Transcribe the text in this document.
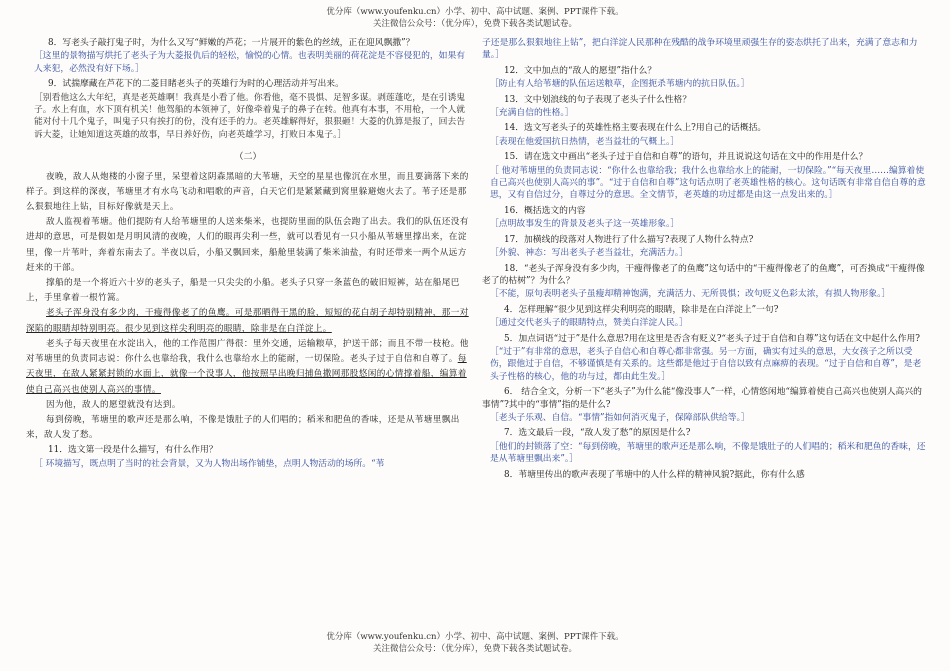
优分库（www.youfenku.cn）小学、初中、高中试题、案例、PPT课件下载。
关注微信公众号：（优分库），免费下载各类试题试卷。

8．写老头子敲打鬼子时，为什么又写“鲜嫩的芦花；一片展开的紫色的丝绒，正在迎风飘撒”？

［这里的景物描写烘托了老头子为大菱报仇后的轻松，愉悦的心情。也表明美丽的荷花淀是不容侵犯的，如果有人来犯，必然没有好下场。］

9．试揣摩藏在芦花下的二菱目睹老头子的英雄行为时的心理活动并写出来。

［别看他这么大年纪，真是老英雄啊！我真是小看了他。你看他，毫不畏惧、足智多谋。剥莲蓬吃，是在引诱鬼子。水上有血，水下顶有机关！他驾船的本领神了，好像牵着鬼子的鼻子在转。他真有本事，不用枪，一个人就能对付十几个鬼子，叫鬼子只有挨打的份，没有还手的力。老英雄解得好，狠狠砸！大菱的仇算是报了，回去告诉大菱，让她知道这英雄的故事，早日养好伤，向老英雄学习，打败日本鬼子。］

（二）

夜晚，敌人从炮楼的小窗子里，呆望着这阴森黑暗的大苇塘，天空的星星也像沉在水里，而且要滴落下来的样子。到这样的深夜，苇塘里才有水鸟飞动和唱歌的声音，白天它们是紧紧藏到窝里躲避炮火去了。苇子还是那么狠狠地往上钻，目标好像就是天上。

敌人监视着苇塘。他们提防有人给苇塘里的人送来柴米，也提防里面的队伍会跑了出去。我们的队伍还没有进却的意思，可是假如是月明风清的夜晚，人们的眼再尖利一些，就可以看见有一只小船从苇塘里撑出来，在淀里，像一片苇叶，奔着东南去了。半夜以后，小船又飘回来，船舱里装满了柴米油盐，有时还带来一两个从远方赶来的干部。

撑船的是一个将近六十岁的老头子，船是一只尖尖的小船。老头子只穿一条蓝色的破旧短裤，站在船尾巴上，手里拿着一根竹篙。

老头子浑身没有多少肉，干瘦得像老了的鱼鹰。可是那晒得干黑的脸，短短的花白胡子却特别精神，那一对深陷的眼睛却特别明亮。很少见到这样尖利明亮的眼睛，除非是在白洋淀上。

老头子每天夜里在水淀出入，他的工作范围广得很：里外交通，运输粮草，护送干部；而且不带一枝枪。他对苇塘里的负责同志说：你什么也靠给我，我什么也靠给水上的能耐，一切保险。老头子过于自信和自尊了。每天夜里，在敌人紧紧封锁的水面上，就像一个没事人，他按照早出晚归捕鱼撒网那股悠闲的心情撑着船，编算着使自己高兴也使别人高兴的事情。

因为他，敌人的愿望就没有达到。

每到傍晚，苇塘里的歌声还是那么响，不像是饿肚子的人们唱的；稻米和肥鱼的香味，还是从苇塘里飘出来，敌人发了愁。

11．选文第一段是什么描写，有什么作用？

［ 环境描写，既点明了当时的社会背景，又为人物出场作铺垫，点明人物活动的场所。“苇

子还是那么狠狠地往上钻”，把白洋淀人民那种在残酷的战争环境里顽强生存的姿态烘托了出来，充满了意志和力量。］

12．文中加点的“敌人的愿望”指什么？

［防止有人给苇塘的队伍运送粮草，企图扼杀苇塘内的抗日队伍。］

13．文中划浪线的句子表现了老头子什么性格？

［充满自信的性格。］

14．选文写老头子的英雄性格主要表现在什么上?用自己的话概括。

［表现在他爱国抗日热情，老当益壮的气概上。］

15．请在选文中画出“老头子过于自信和自尊”的语句，并且说说这句话在文中的作用是什么？

［ 他对苇塘里的负责同志说：“你什么也靠给我；我什么也靠给水上的能耐，一切保险。”“每天夜里……编算着使自己高兴也使别人高兴的事”。“过于自信和自尊”这句话点明了老英雄性格的核心。这句话既有非常自信自尊的意思，又有自信过分，自尊过分的意思。全文情节，老英雄的功过都是由这一点发出来的。］

16．概括选文的内容

［点明故事发生的背景及老头子这一英雄形象。］

17．加横线的段落对人物进行了什么描写?表现了人物什么特点?

［外貌、神态：写出老头子老当益壮，充满活力。］

18．“老头子浑身没有多少肉，干瘦得像老了的鱼鹰”这句话中的“干瘦得像老了的鱼鹰”，可否换成“干瘦得像老了的枯树”？为什么？

［不能，原句表明老头子虽瘦却精神饱满，充满活力、无所畏惧；改句贬义色彩太浓，有损人物形象。］

4．怎样理解“很少见到这样尖利明亮的眼睛，除非是在白洋淀上”一句?

［通过交代老头子的眼睛特点，赞美白洋淀人民。］

5．加点词语“过于”是什么意思?用在这里是否含有贬义?“老头子过于自信和自尊”这句话在文中起什么作用?

［“过于”有非常的意思，老头子自信心和自尊心都非常强。另一方面，确实有过头的意思，大女孩子之所以受伤，跟他过于自信，不够谨慎是有关系的。这些都是他过于自信以致有点麻痹的表现。“过于自信和自尊”，是老头子性格的核心，他的功与过，都由此生发。］

6． 结合全文，分析一下“老头子”为什么能“像没事人”一样，心情悠闲地“编算着使自己高兴也使别人高兴的事情”?其中的“事情”指的是什么?

［老头子乐观、自信。“事情”指如何消灭鬼子，保障部队供给等。］

7．选文最后一段，“敌人发了愁”的原因是什么?

［他们的封锁落了空：“每到傍晚，苇塘里的歌声还是那么响，不像是饿肚子的人们唱的；稻米和肥鱼的香味，还是从苇塘里飘出来”。］

8．苇塘里传出的歌声表现了苇塘中的人什么样的精神风貌?据此，你有什么感

优分库（www.youfenku.cn）小学、初中、高中试题、案例、PPT课件下载。
关注微信公众号：（优分库），免费下载各类试题试卷。
